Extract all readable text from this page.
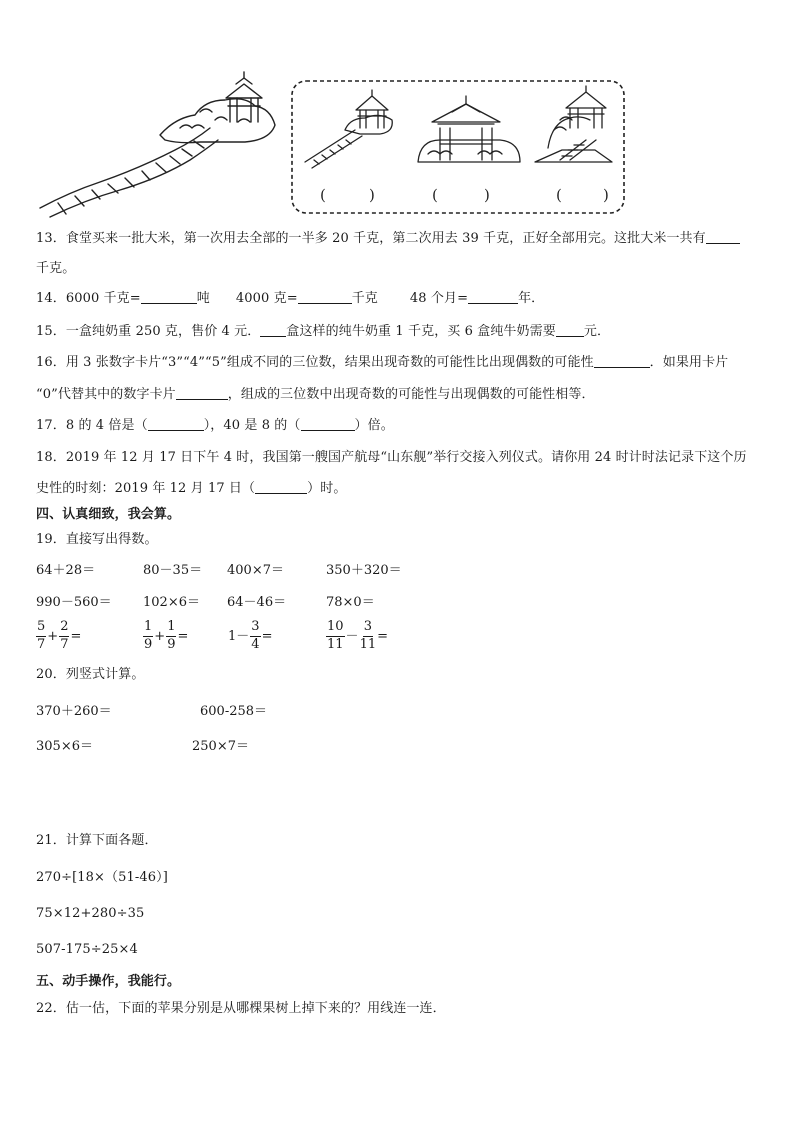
(	)	(	)	(	)
13．食堂买来一批大米，第一次用去全部的一半多 20 千克，第二次用去 39 千克，正好全部用完。这批大米一共有
千克。
14．6000 千克=	吨 4000 克=	千克 48 个月=	年．
15．一盒纯奶重 250 克，售价 4 元． 盒这样的纯牛奶重 1 千克，买 6 盒纯牛奶需要 元．
16．用 3 张数字卡片“3”“4”“5”组成不同的三位数，结果出现奇数的可能性比出现偶数的可能性	．如果用卡片
“0”代替其中的数字卡片	，组成的三位数中出现奇数的可能性与出现偶数的可能性相等．
17．8 的 4 倍是（	），40 是 8 的（	）倍。
18．2019 年 12 月 17 日下午 4 时，我国第一艘国产航母“山东舰”举行交接入列仪式。请你用 24 时计时法记录下这个历
史性的时刻：2019 年 12 月 17 日（	）时。
四、认真细致，我会算。
19．直接写出得数。
64＋28＝	80－35＝ 400×7＝	350＋320＝
990－560＝ 102×6＝ 64－46＝	78×0＝
$\frac{5}{7} + \frac{2}{7}$ =	$\frac{1}{9} + \frac{1}{9}$ =	$1- \frac{3}{4}$ =	$\frac{10}{11} - \frac{3}{11}$ =
20．列竖式计算。
370＋260＝	600-258＝
305×6＝	250×7＝
21．计算下面各题．
270÷[18×（51-46）]
75×12+280÷35
507-175÷25×4
五、动手操作，我能行。
22．估一估，下面的苹果分别是从哪棵果树上掉下来的？用线连一连．
